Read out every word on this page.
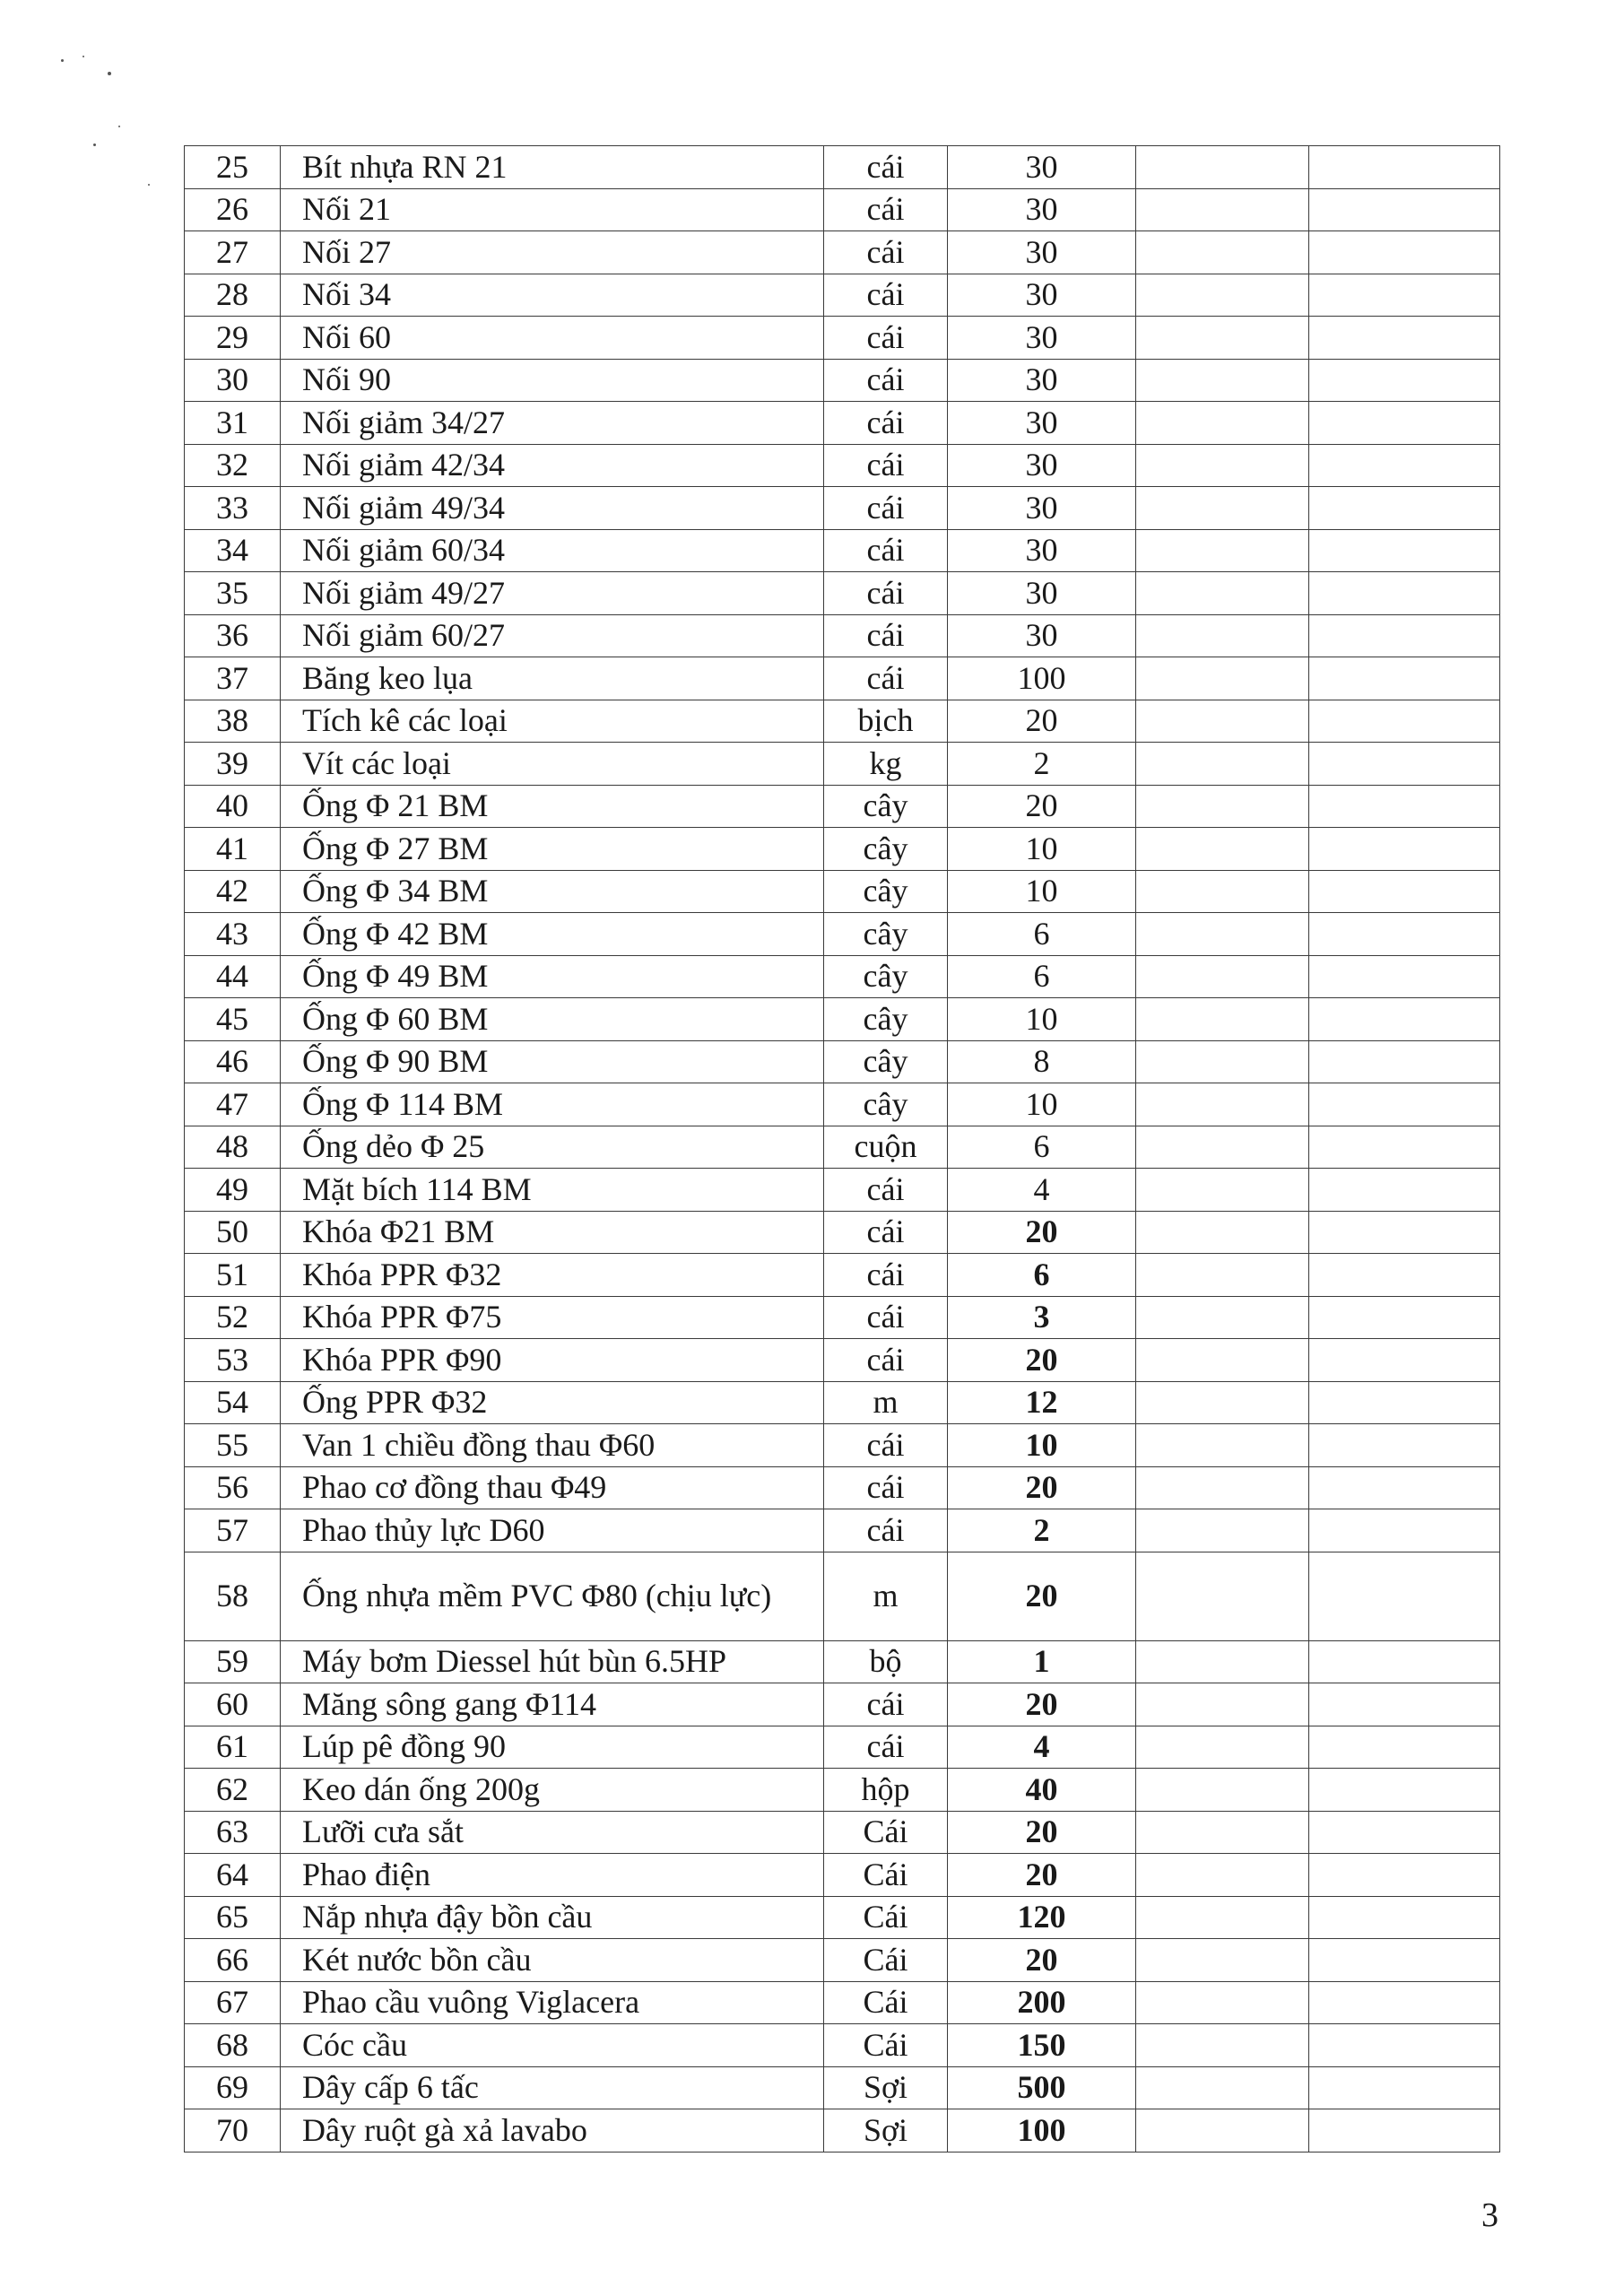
25	Bít nhựa RN 21	cái	30		
26	Nối 21	cái	30		
27	Nối 27	cái	30		
28	Nối 34	cái	30		
29	Nối 60	cái	30		
30	Nối 90	cái	30		
31	Nối giảm 34/27	cái	30		
32	Nối giảm 42/34	cái	30		
33	Nối giảm 49/34	cái	30		
34	Nối giảm 60/34	cái	30		
35	Nối giảm 49/27	cái	30		
36	Nối giảm 60/27	cái	30		
37	Băng keo lụa	cái	100		
38	Tích kê các loại	bịch	20		
39	Vít các loại	kg	2		
40	Ống Φ 21 BM	cây	20		
41	Ống Φ 27 BM	cây	10		
42	Ống Φ 34 BM	cây	10		
43	Ống Φ 42 BM	cây	6		
44	Ống Φ 49 BM	cây	6		
45	Ống Φ 60 BM	cây	10		
46	Ống Φ 90 BM	cây	8		
47	Ống Φ 114 BM	cây	10		
48	Ống dẻo Φ 25	cuộn	6		
49	Mặt bích 114 BM	cái	4		
50	Khóa Φ21 BM	cái	20		
51	Khóa PPR Φ32	cái	6		
52	Khóa PPR Φ75	cái	3		
53	Khóa PPR Φ90	cái	20		
54	Ống PPR Φ32	m	12		
55	Van 1 chiều đồng thau Φ60	cái	10		
56	Phao cơ đồng thau Φ49	cái	20		
57	Phao thủy lực D60	cái	2		
58	Ống nhựa mềm PVC Φ80 (chịu lực)	m	20		
59	Máy bơm Diessel hút bùn 6.5HP	bộ	1		
60	Măng sông gang Φ114	cái	20		
61	Lúp pê đồng 90	cái	4		
62	Keo dán ống 200g	hộp	40		
63	Lưỡi cưa sắt	Cái	20		
64	Phao điện	Cái	20		
65	Nắp nhựa đậy bồn cầu	Cái	120		
66	Két nước bồn cầu	Cái	20		
67	Phao cầu vuông Viglacera	Cái	200		
68	Cóc cầu	Cái	150		
69	Dây cấp 6 tấc	Sợi	500		
70	Dây ruột gà xả lavabo	Sợi	100		
3
